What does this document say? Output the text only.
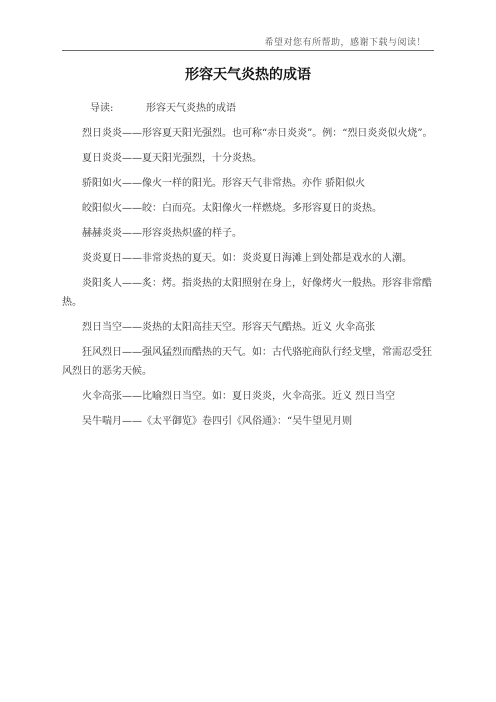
希望对您有所帮助，感谢下载与阅读！
形容天气炎热的成语

导读:	形容天气炎热的成语

烈日炎炎——形容夏天阳光强烈。也可称“赤日炎炎”。例：“烈日炎炎似火烧”。

夏日炎炎——夏天阳光强烈，十分炎热。

骄阳如火——像火一样的阳光。形容天气非常热。亦作 骄阳似火

皎阳似火——皎：白而亮。太阳像火一样燃烧。多形容夏日的炎热。

赫赫炎炎——形容炎热炽盛的样子。

炎炎夏日——非常炎热的夏天。如：炎炎夏日海滩上到处都是戏水的人潮。

炎阳炙人——炙：烤。指炎热的太阳照射在身上，好像烤火一般热。形容非常酷热。

烈日当空——炎热的太阳高挂天空。形容天气酷热。近义 火伞高张

狂风烈日——强风猛烈而酷热的天气。如：古代骆驼商队行经戈壁，常需忍受狂风烈日的恶劣天候。

火伞高张——比喻烈日当空。如：夏日炎炎，火伞高张。近义 烈日当空

吴牛喘月——《太平御览》卷四引《风俗通》：“吴牛望见月则
